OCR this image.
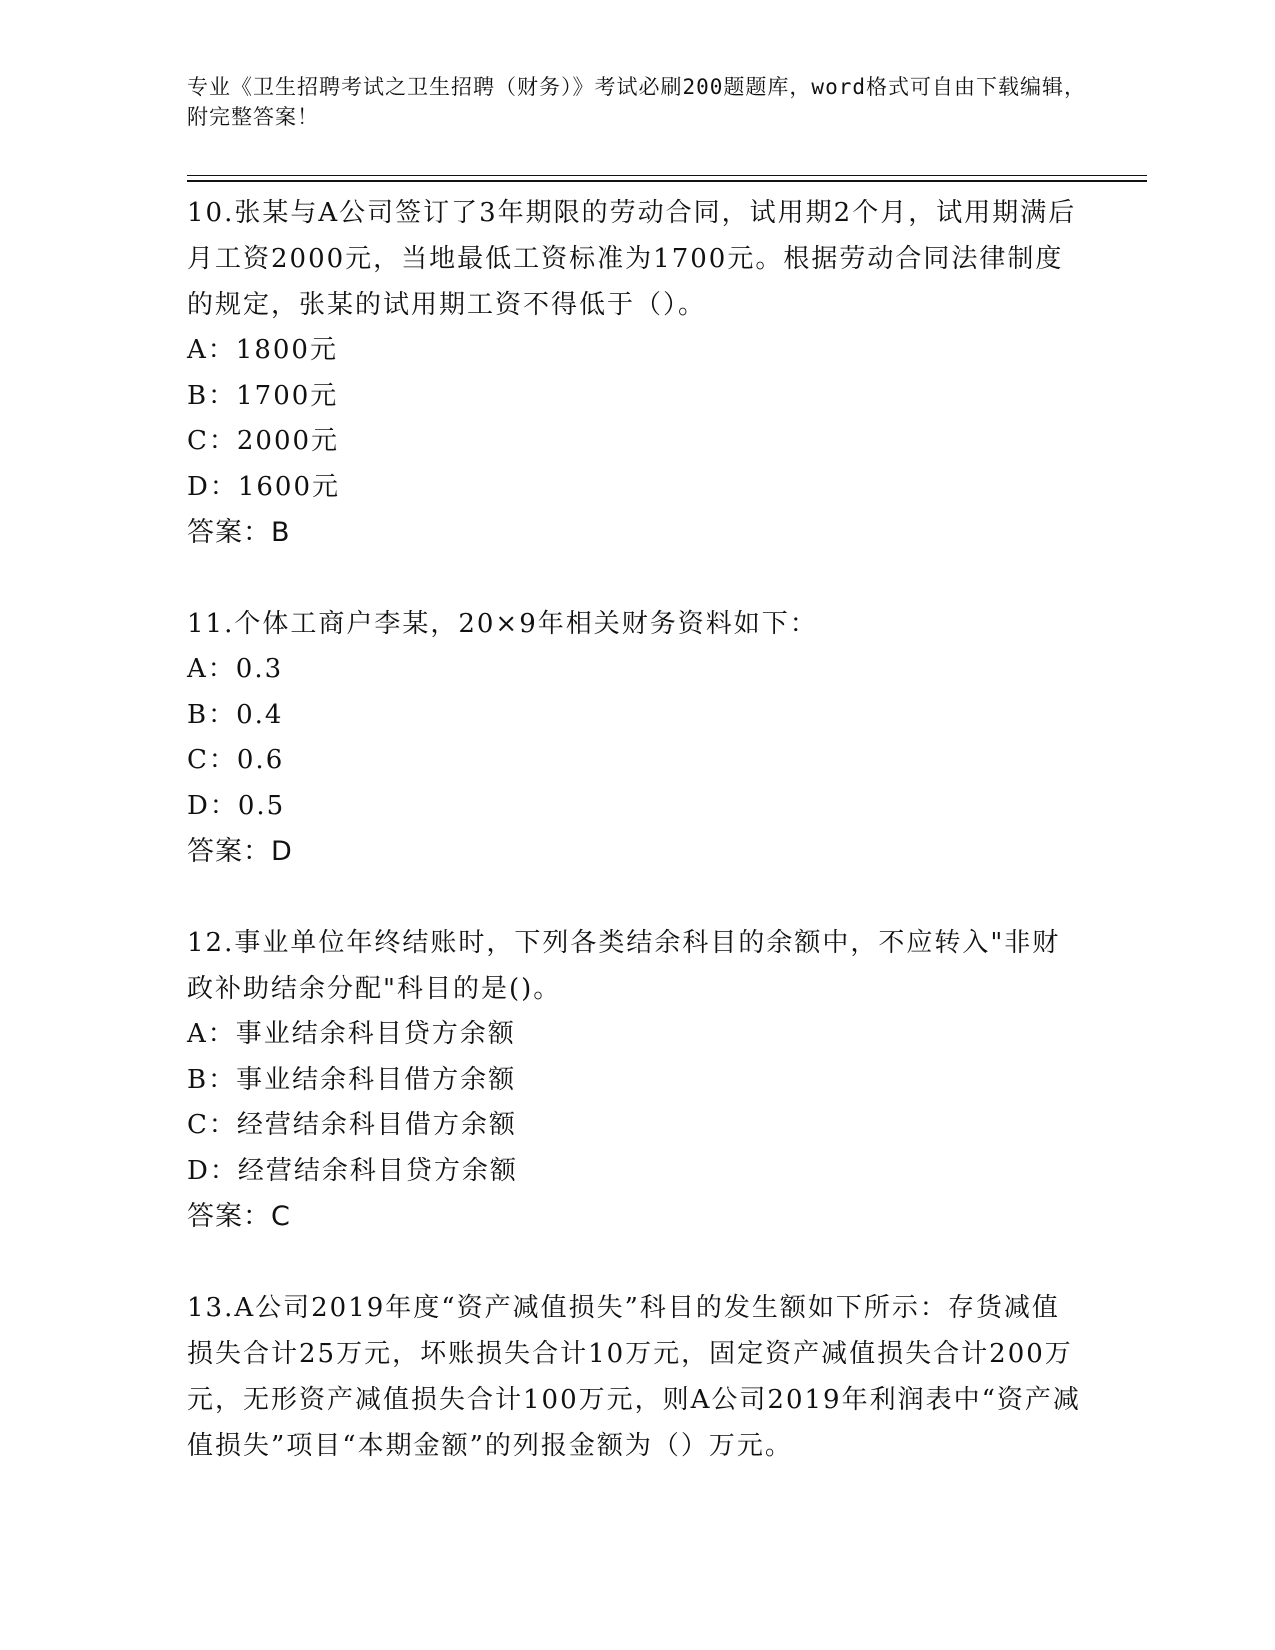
专业《卫生招聘考试之卫生招聘（财务）》考试必刷200题题库，word格式可自由下载编辑，附完整答案！
10.张某与A公司签订了3年期限的劳动合同，试用期2个月，试用期满后月工资2000元，当地最低工资标准为1700元。根据劳动合同法律制度的规定，张某的试用期工资不得低于（）。
A：1800元
B：1700元
C：2000元
D：1600元
答案：B
11.个体工商户李某，20×9年相关财务资料如下：
A：0.3
B：0.4
C：0.6
D：0.5
答案：D
12.事业单位年终结账时，下列各类结余科目的余额中，不应转入"非财政补助结余分配"科目的是()。
A：事业结余科目贷方余额
B：事业结余科目借方余额
C：经营结余科目借方余额
D：经营结余科目贷方余额
答案：C
13.A公司2019年度“资产减值损失”科目的发生额如下所示：存货减值损失合计25万元，坏账损失合计10万元，固定资产减值损失合计200万元，无形资产减值损失合计100万元，则A公司2019年利润表中“资产减值损失”项目“本期金额”的列报金额为（）万元。
